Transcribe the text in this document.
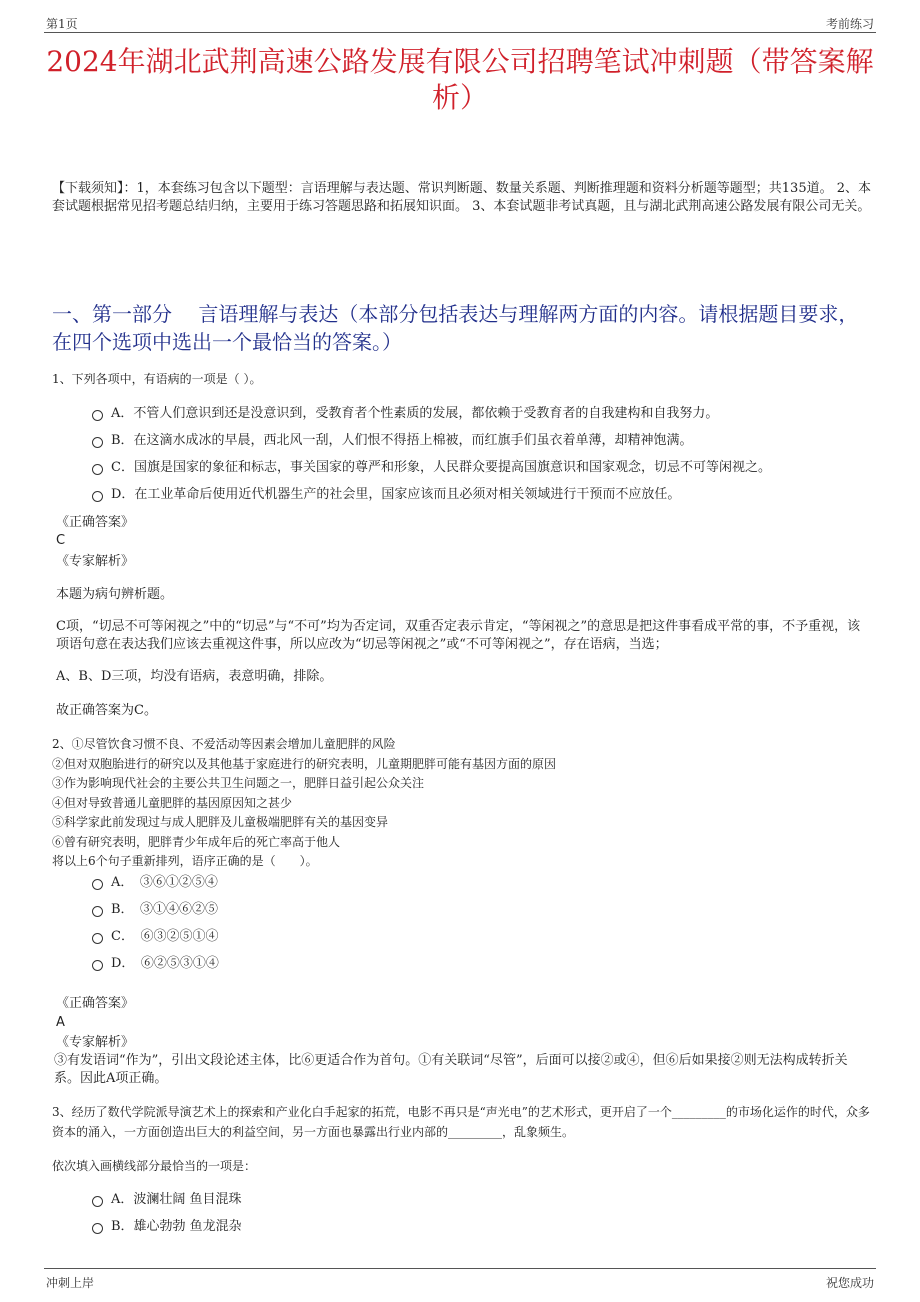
第1页	考前练习
2024年湖北武荆高速公路发展有限公司招聘笔试冲刺题（带答案解析）
【下载须知】：1，本套练习包含以下题型：言语理解与表达题、常识判断题、数量关系题、判断推理题和资料分析题等题型；共135道。 2、本套试题根据常见招考题总结归纳，主要用于练习答题思路和拓展知识面。 3、本套试题非考试真题，且与湖北武荆高速公路发展有限公司无关。
一、第一部分　 言语理解与表达（本部分包括表达与理解两方面的内容。请根据题目要求，在四个选项中选出一个最恰当的答案。）
1、下列各项中，有语病的一项是（ ）。
A．不管人们意识到还是没意识到，受教育者个性素质的发展，都依赖于受教育者的自我建构和自我努力。
B．在这滴水成冰的早晨，西北风一刮，人们恨不得捂上棉被，而红旗手们虽衣着单薄，却精神饱满。
C．国旗是国家的象征和标志，事关国家的尊严和形象，人民群众要提高国旗意识和国家观念，切忌不可等闲视之。
D．在工业革命后使用近代机器生产的社会里，国家应该而且必须对相关领域进行干预而不应放任。
《正确答案》
C
《专家解析》
本题为病句辨析题。
C项，“切忌不可等闲视之”中的“切忌”与“不可”均为否定词，双重否定表示肯定，“等闲视之”的意思是把这件事看成平常的事，不予重视，该项语句意在表达我们应该去重视这件事，所以应改为“切忌等闲视之”或“不可等闲视之”，存在语病，当选；
A、B、D三项，均没有语病，表意明确，排除。
故正确答案为C。
2、①尽管饮食习惯不良、不爱活动等因素会增加儿童肥胖的风险
②但对双胞胎进行的研究以及其他基于家庭进行的研究表明，儿童期肥胖可能有基因方面的原因
③作为影响现代社会的主要公共卫生问题之一，肥胖日益引起公众关注
④但对导致普通儿童肥胖的基因原因知之甚少
⑤科学家此前发现过与成人肥胖及儿童极端肥胖有关的基因变异
⑥曾有研究表明，肥胖青少年成年后的死亡率高于他人
将以上6个句子重新排列，语序正确的是（　　）。
A．　③⑥①②⑤④
B．　③①④⑥②⑤
C．　⑥③②⑤①④
D．　⑥②⑤③①④
《正确答案》
A
《专家解析》
③有发语词“作为”，引出文段论述主体，比⑥更适合作为首句。①有关联词“尽管”，后面可以接②或④，但⑥后如果接②则无法构成转折关系。因此A项正确。
3、经历了数代学院派导演艺术上的探索和产业化白手起家的拓荒，电影不再只是“声光电”的艺术形式，更开启了一个_________的市场化运作的时代，众多资本的涌入，一方面创造出巨大的利益空间，另一方面也暴露出行业内部的_________，乱象频生。
依次填入画横线部分最恰当的一项是：
A．波澜壮阔 鱼目混珠
B．雄心勃勃 鱼龙混杂
冲刺上岸	祝您成功
